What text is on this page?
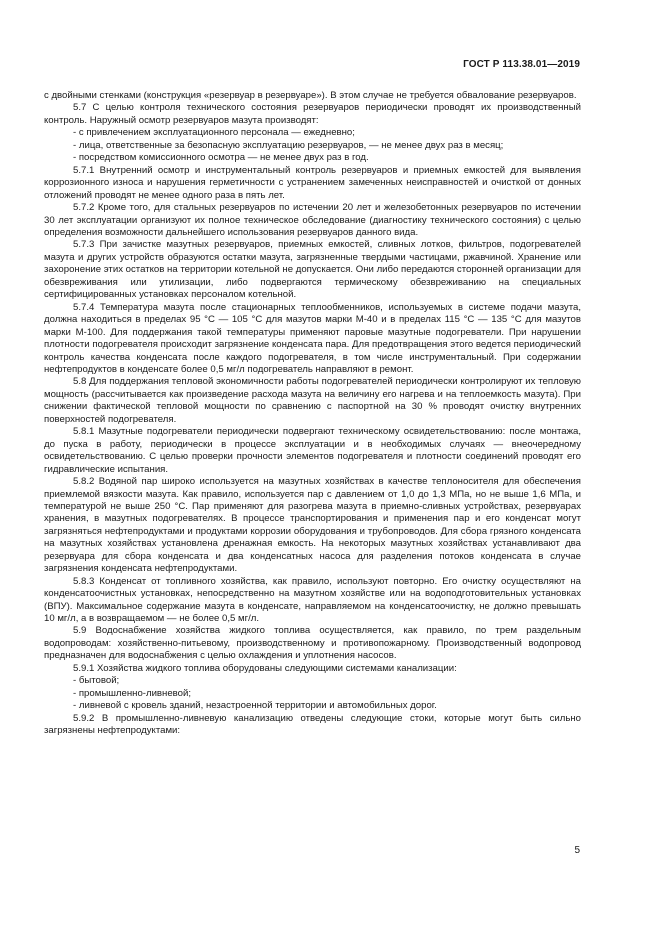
ГОСТ Р 113.38.01—2019

с двойными стенками (конструкция «резервуар в резервуаре»). В этом случае не требуется обвалование резервуаров.

5.7 С целью контроля технического состояния резервуаров периодически проводят их производственный контроль. Наружный осмотр резервуаров мазута производят:

- с привлечением эксплуатационного персонала — ежедневно;

- лица, ответственные за безопасную эксплуатацию резервуаров, — не менее двух раз в месяц;

- посредством комиссионного осмотра — не менее двух раз в год.

5.7.1 Внутренний осмотр и инструментальный контроль резервуаров и приемных емкостей для выявления коррозионного износа и нарушения герметичности с устранением замеченных неисправностей и очисткой от донных отложений проводят не менее одного раза в пять лет.

5.7.2 Кроме того, для стальных резервуаров по истечении 20 лет и железобетонных резервуаров по истечении 30 лет эксплуатации организуют их полное техническое обследование (диагностику технического состояния) с целью определения возможности дальнейшего использования резервуаров данного вида.

5.7.3 При зачистке мазутных резервуаров, приемных емкостей, сливных лотков, фильтров, подогревателей мазута и других устройств образуются остатки мазута, загрязненные твердыми частицами, ржавчиной. Хранение или захоронение этих остатков на территории котельной не допускается. Они либо передаются сторонней организации для обезвреживания или утилизации, либо подвергаются термическому обезвреживанию на специальных сертифицированных установках персоналом котельной.

5.7.4 Температура мазута после стационарных теплообменников, используемых в системе подачи мазута, должна находиться в пределах 95 °С — 105 °С для мазутов марки М-40 и в пределах 115 °С — 135 °С для мазутов марки М-100. Для поддержания такой температуры применяют паровые мазутные подогреватели. При нарушении плотности подогревателя происходит загрязнение конденсата пара. Для предотвращения этого ведется периодический контроль качества конденсата после каждого подогревателя, в том числе инструментальный. При содержании нефтепродуктов в конденсате более 0,5 мг/л подогреватель направляют в ремонт.

5.8 Для поддержания тепловой экономичности работы подогревателей периодически контролируют их тепловую мощность (рассчитывается как произведение расхода мазута на величину его нагрева и на теплоемкость мазута). При снижении фактической тепловой мощности по сравнению с паспортной на 30 % проводят очистку внутренних поверхностей подогревателя.

5.8.1 Мазутные подогреватели периодически подвергают техническому освидетельствованию: после монтажа, до пуска в работу, периодически в процессе эксплуатации и в необходимых случаях — внеочередному освидетельствованию. С целью проверки прочности элементов подогревателя и плотности соединений проводят его гидравлические испытания.

5.8.2 Водяной пар широко используется на мазутных хозяйствах в качестве теплоносителя для обеспечения приемлемой вязкости мазута. Как правило, используется пар с давлением от 1,0 до 1,3 МПа, но не выше 1,6 МПа, и температурой не выше 250 °С. Пар применяют для разогрева мазута в приемно-сливных устройствах, резервуарах хранения, в мазутных подогревателях. В процессе транспортирования и применения пар и его конденсат могут загрязняться нефтепродуктами и продуктами коррозии оборудования и трубопроводов. Для сбора грязного конденсата на мазутных хозяйствах установлена дренажная емкость. На некоторых мазутных хозяйствах устанавливают два резервуара для сбора конденсата и два конденсатных насоса для разделения потоков конденсата в случае загрязнения конденсата нефтепродуктами.

5.8.3 Конденсат от топливного хозяйства, как правило, используют повторно. Его очистку осуществляют на конденсатоочистных установках, непосредственно на мазутном хозяйстве или на водоподготовительных установках (ВПУ). Максимальное содержание мазута в конденсате, направляемом на конденсатоочистку, не должно превышать 10 мг/л, а в возвращаемом — не более 0,5 мг/л.

5.9 Водоснабжение хозяйства жидкого топлива осуществляется, как правило, по трем раздельным водопроводам: хозяйственно-питьевому, производственному и противопожарному. Производственный водопровод предназначен для водоснабжения с целью охлаждения и уплотнения насосов.

5.9.1 Хозяйства жидкого топлива оборудованы следующими системами канализации:

- бытовой;

- промышленно-ливневой;

- ливневой с кровель зданий, незастроенной территории и автомобильных дорог.

5.9.2 В промышленно-ливневую канализацию отведены следующие стоки, которые могут быть сильно загрязнены нефтепродуктами:

5
